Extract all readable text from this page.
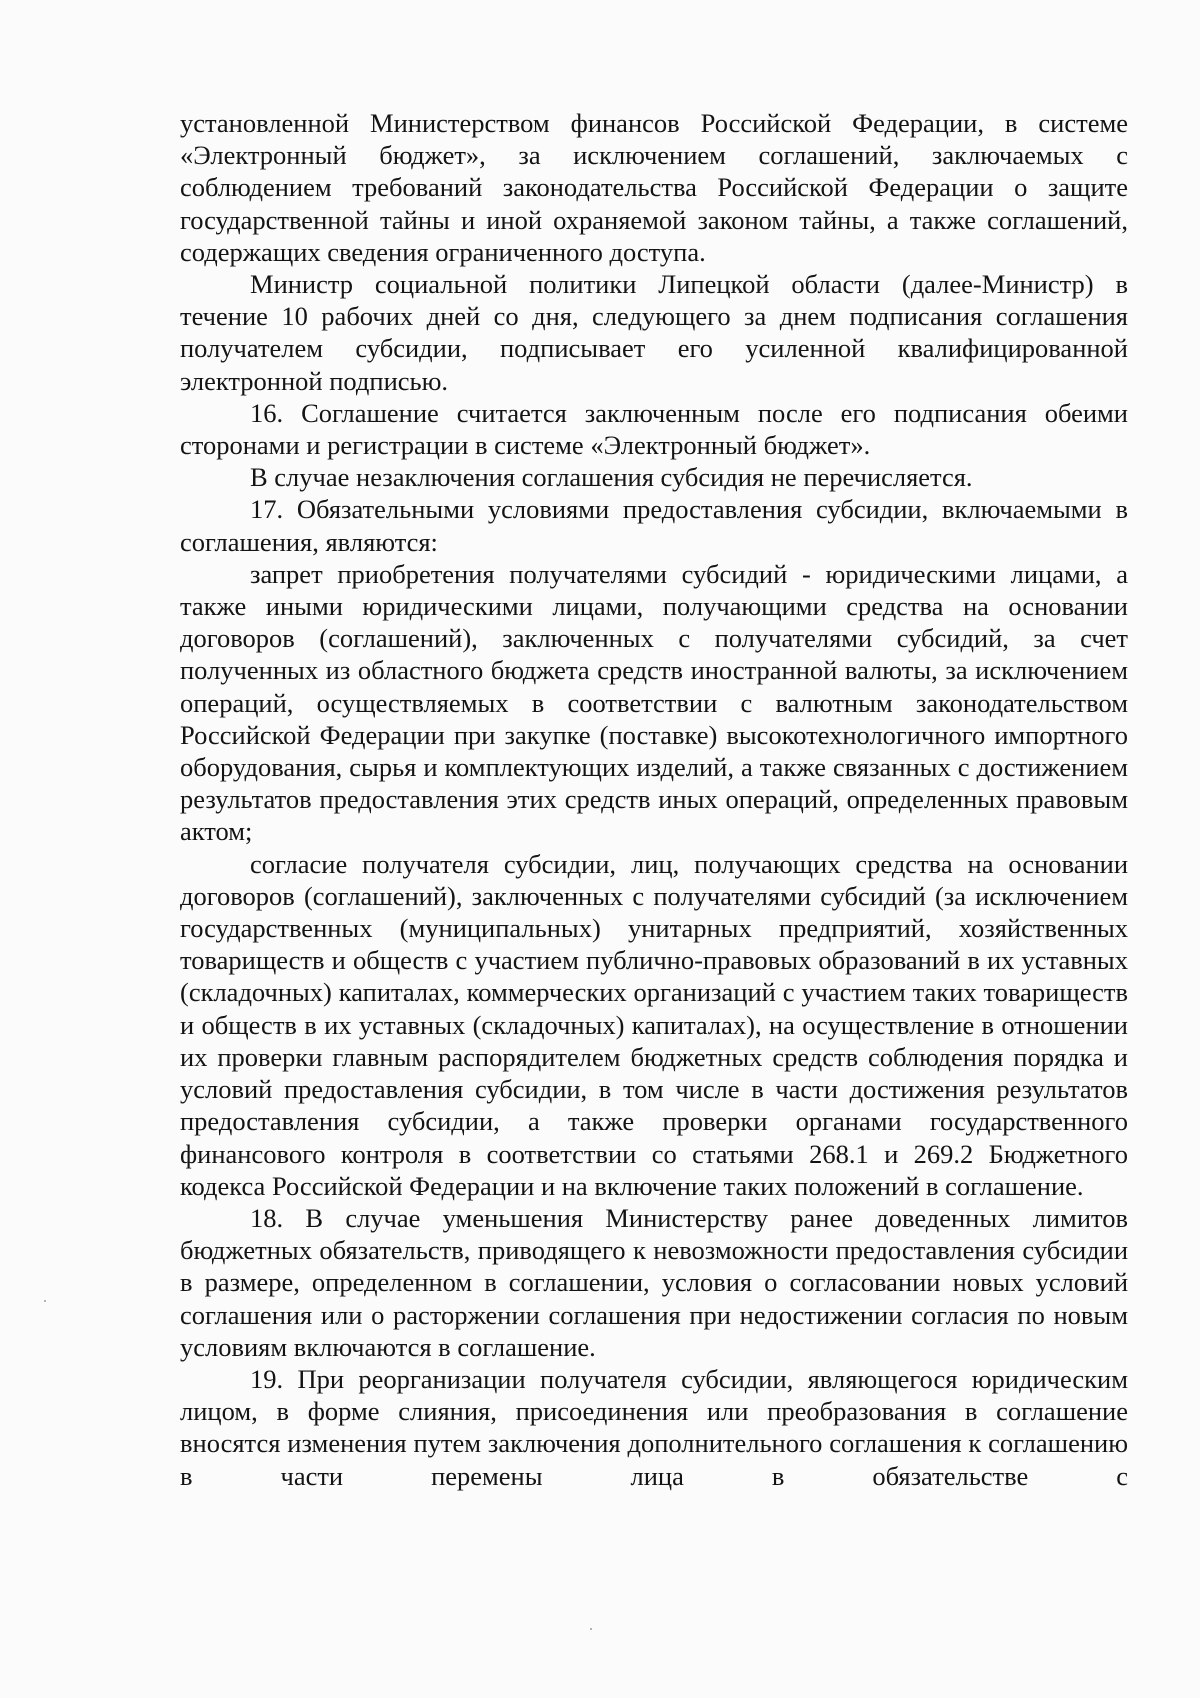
установленной Министерством финансов Российской Федерации, в системе «Электронный бюджет», за исключением соглашений, заключаемых с соблюдением требований законодательства Российской Федерации о защите государственной тайны и иной охраняемой законом тайны, а также соглашений, содержащих сведения ограниченного доступа.

Министр социальной политики Липецкой области (далее-Министр) в течение 10 рабочих дней со дня, следующего за днем подписания соглашения получателем субсидии, подписывает его усиленной квалифицированной электронной подписью.

16. Соглашение считается заключенным после его подписания обеими сторонами и регистрации в системе «Электронный бюджет».

В случае незаключения соглашения субсидия не перечисляется.

17. Обязательными условиями предоставления субсидии, включаемыми в соглашения, являются:

запрет приобретения получателями субсидий - юридическими лицами, а также иными юридическими лицами, получающими средства на основании договоров (соглашений), заключенных с получателями субсидий, за счет полученных из областного бюджета средств иностранной валюты, за исключением операций, осуществляемых в соответствии с валютным законодательством Российской Федерации при закупке (поставке) высокотехнологичного импортного оборудования, сырья и комплектующих изделий, а также связанных с достижением результатов предоставления этих средств иных операций, определенных правовым актом;

согласие получателя субсидии, лиц, получающих средства на основании договоров (соглашений), заключенных с получателями субсидий (за исключением государственных (муниципальных) унитарных предприятий, хозяйственных товариществ и обществ с участием публично-правовых образований в их уставных (складочных) капиталах, коммерческих организаций с участием таких товариществ и обществ в их уставных (складочных) капиталах), на осуществление в отношении их проверки главным распорядителем бюджетных средств соблюдения порядка и условий предоставления субсидии, в том числе в части достижения результатов предоставления субсидии, а также проверки органами государственного финансового контроля в соответствии со статьями 268.1 и 269.2 Бюджетного кодекса Российской Федерации и на включение таких положений в соглашение.

18. В случае уменьшения Министерству ранее доведенных лимитов бюджетных обязательств, приводящего к невозможности предоставления субсидии в размере, определенном в соглашении, условия о согласовании новых условий соглашения или о расторжении соглашения при недостижении согласия по новым условиям включаются в соглашение.

19. При реорганизации получателя субсидии, являющегося юридическим лицом, в форме слияния, присоединения или преобразования в соглашение вносятся изменения путем заключения дополнительного соглашения к соглашению в части перемены лица в обязательстве с
